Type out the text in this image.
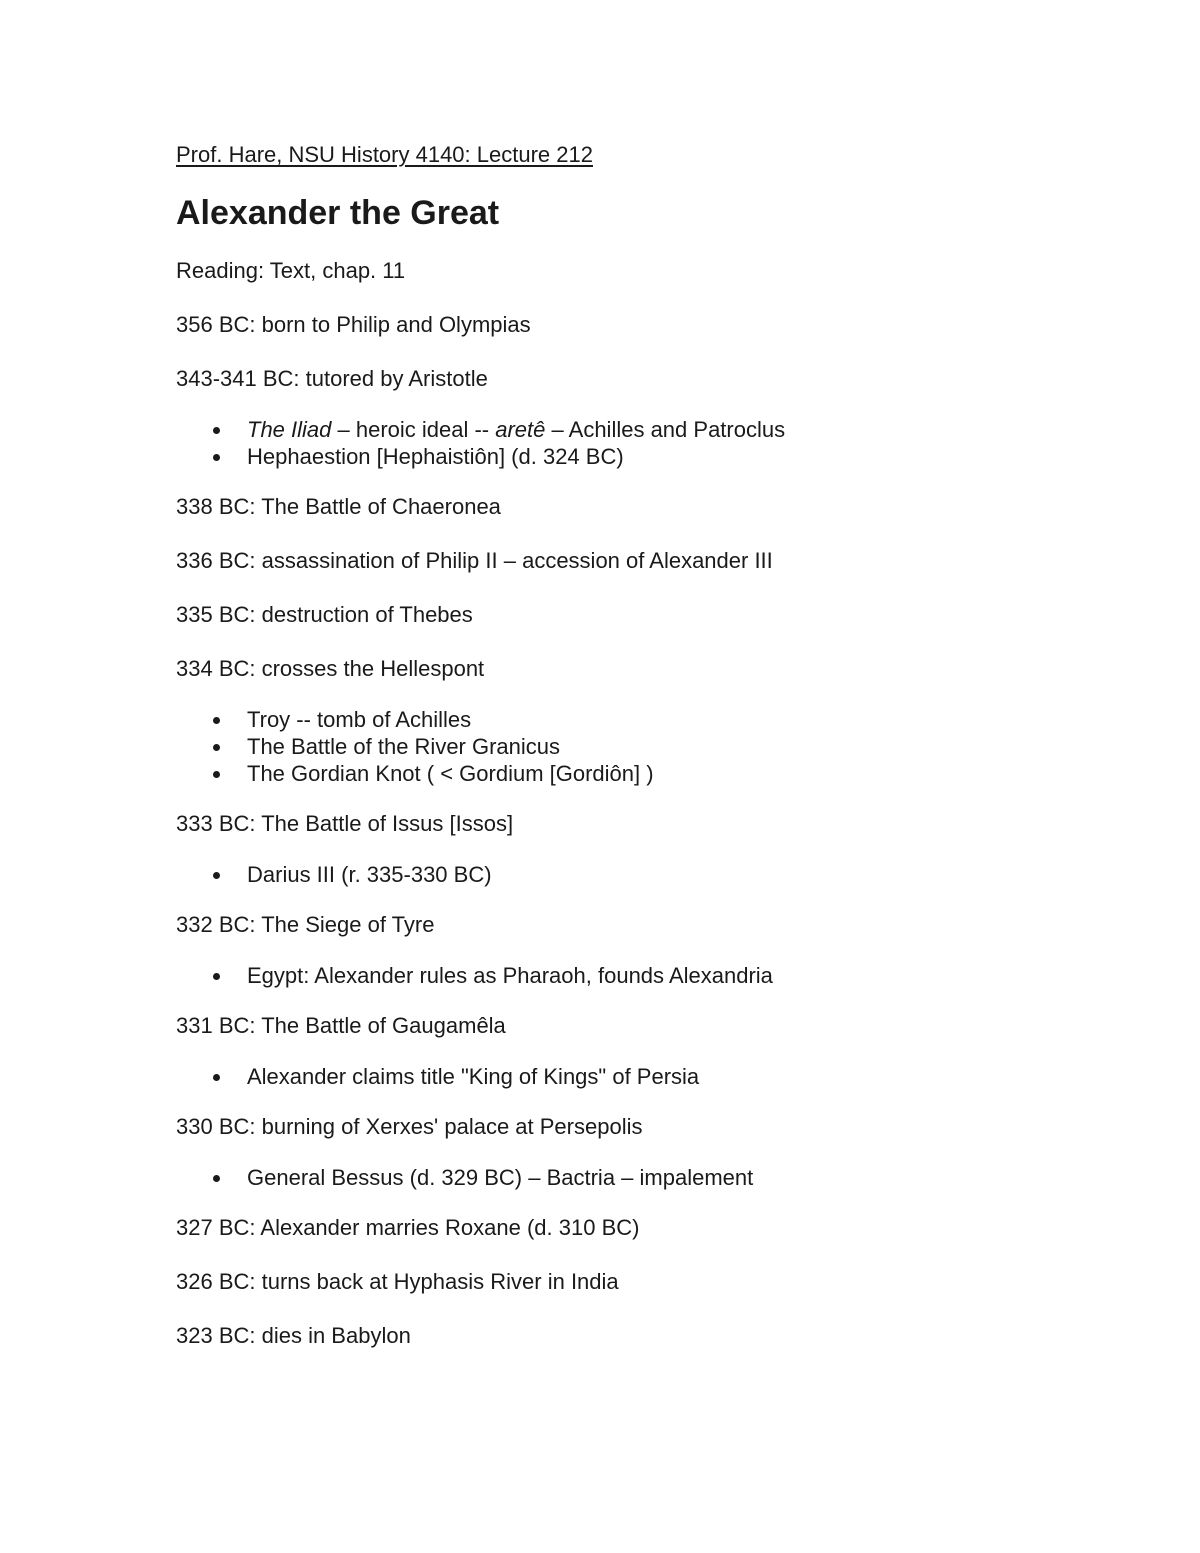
Prof. Hare, NSU History 4140: Lecture 212

Alexander the Great

Reading: Text, chap. 11

356 BC: born to Philip and Olympias

343-341 BC: tutored by Aristotle

The Iliad – heroic ideal -- aretê – Achilles and Patroclus
Hephaestion [Hephaistiôn] (d. 324 BC)

338 BC: The Battle of Chaeronea

336 BC: assassination of Philip II – accession of Alexander III

335 BC: destruction of Thebes

334 BC: crosses the Hellespont

Troy -- tomb of Achilles
The Battle of the River Granicus
The Gordian Knot ( < Gordium [Gordiôn] )

333 BC: The Battle of Issus [Issos]

Darius III (r. 335-330 BC)

332 BC: The Siege of Tyre

Egypt: Alexander rules as Pharaoh, founds Alexandria

331 BC: The Battle of Gaugamêla

Alexander claims title "King of Kings" of Persia

330 BC: burning of Xerxes' palace at Persepolis

General Bessus (d. 329 BC) – Bactria – impalement

327 BC: Alexander marries Roxane (d. 310 BC)

326 BC: turns back at Hyphasis River in India

323 BC: dies in Babylon
